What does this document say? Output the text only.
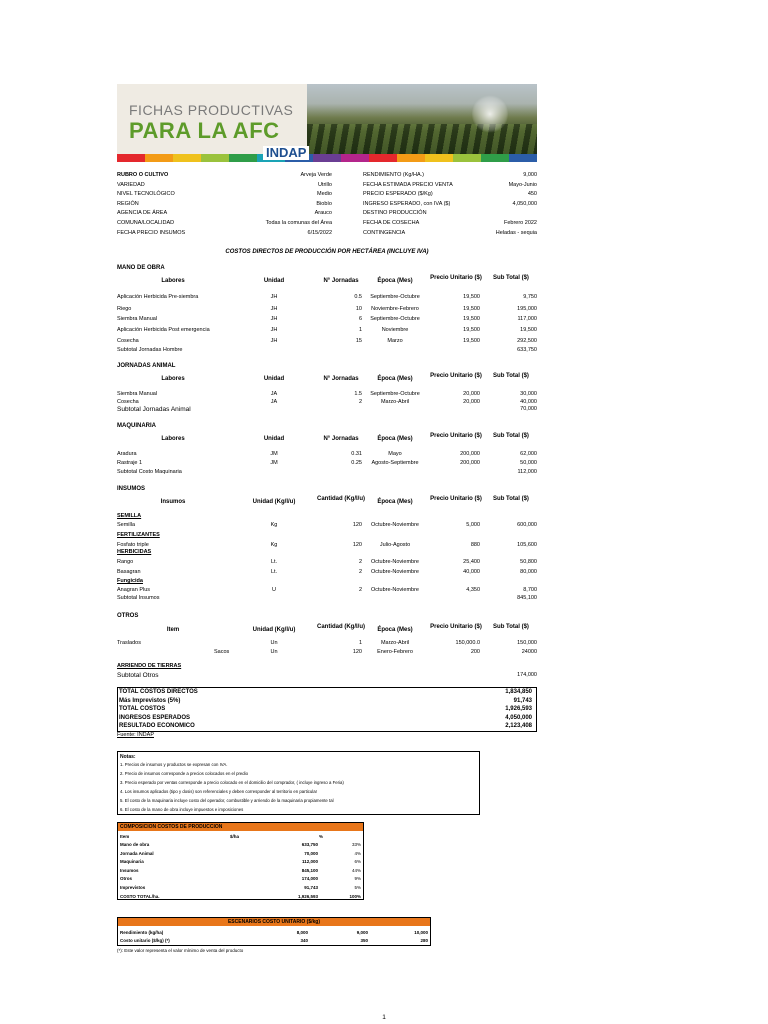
FICHAS PRODUCTIVAS
PARA LA AFC
INDAP
COSTOS DIRECTOS DE PRODUCCIÓN POR HECTÁREA (INCLUYE IVA)
TOTAL COSTOS DIRECTOS	1,834,850
Más Imprevistos (5%)	91,743
TOTAL COSTOS	1,926,593
INGRESOS ESPERADOS	4,050,000
RESULTADO ECONOMICO	2,123,408
Fuente: INDAP
Notas:
1. Precios de insumos y productos se expresan con IVA.
2. Precio de insumos corresponde a precios colocados en el predio
3. Precio esperado por ventas corresponde a precio colocado en el domicilio del comprador, ( incluye ingreso a Feria)
4. Los insumos aplicados (tipo y dosis) son referenciales y deben corresponder al territorio en particular
5. El costo de la maquinaria incluye costo del operador, combustible y arriendo de la maquinaria propiamente tal
6. El costo de la mano de obra incluye impuestos e imposiciones
COMPOSICION COSTOS DE PRODUCCION
Item	$/ha	%
Mano de obra	633,750	33%
Jornada Animal	70,000	4%
Maquinaria	112,000	6%
Insumos	845,100	44%
Otros	174,000	9%
Imprevistos	91,743	5%
COSTO TOTAL/ha.	1,926,593	100%
ESCENARIOS COSTO UNITARIO ($/kg)
Rendimiento (kg/ha)	8,000	9,000	10,000
Costo unitario ($/kg) (*)	340	350	280
(*): Este valor representa el valor mínimo de venta del producto
1
RUBRO O CULTIVO	Arveja Verde
VARIEDAD	Utrillo
NIVEL TECNOLÓGICO	Medio
REGIÓN	Biobío
AGENCIA DE ÁREA	Arauco
COMUNA/LOCALIDAD	Todas la comunas del Área
FECHA PRECIO INSUMOS	6/15/2022
RENDIMIENTO (Kg/HA.)	9,000
FECHA ESTIMADA PRECIO VENTA	Mayo-Junio
PRECIO ESPERADO ($/Kg)	450
INGRESO ESPERADO, con IVA ($)	4,050,000
DESTINO PRODUCCIÓN
FECHA DE COSECHA	Febrero 2022
CONTINGENCIA	Heladas - sequia
MANO DE OBRA
Labores	Unidad	N° Jornadas	Época (Mes)	Precio Unitario ($)	Sub Total ($)
Aplicación Herbicida Pre-siembra	JH	0.5	Septiembre-Octubre	19,500	9,750
Riego	JH	10	Noviembre-Febrero	19,500	195,000
Siembra Manual	JH	6	Septiembre-Octubre	19,500	117,000
Aplicación Herbicida Post emergencia	JH	1	Noviembre	19,500	19,500
Cosecha	JH	15	Marzo	19,500	292,500
Subtotal Jornadas Hombre	633,750
JORNADAS ANIMAL
Labores	Unidad	N° Jornadas	Época (Mes)	Precio Unitario ($)	Sub Total ($)
Siembra Manual	JA	1.5	Septiembre-Octubre	20,000	30,000
Cosecha	JA	2	Marzo-Abril	20,000	40,000
Subtotal Jornadas Animal	70,000
MAQUINARIA
Labores	Unidad	N° Jornadas	Época (Mes)	Precio Unitario ($)	Sub Total ($)
Aradura	JM	0.31	Mayo	200,000	62,000
Rastraje 1	JM	0.25	Agosto-Septiembre	200,000	50,000
Subtotal Costo Maquinaria	112,000
INSUMOS
Insumos	Unidad (Kg/l/u)	Cantidad (Kg/l/u)	Época (Mes)	Precio Unitario ($)	Sub Total ($)
SEMILLA
Semilla	Kg	120	Octubre-Noviembre	5,000	600,000
FERTILIZANTES
Fosfato triple	Kg	120	Julio-Agosto	880	105,600
HERBICIDAS
Rango	Lt.	2	Octubre-Noviembre	25,400	50,800
Basagran	Lt.	2	Octubre-Noviembre	40,000	80,000
Fungicida
Anagran Plus	U	2	Octubre-Noviembre	4,350	8,700
Subtotal Insumos	845,100
OTROS
Item	Unidad (Kg/l/u)	Cantidad (Kg/l/u)	Época (Mes)	Precio Unitario ($)	Sub Total ($)
Traslados	Un	1	Marzo-Abril	150,000.0	150,000
Sacos	Un	120	Enero-Febrero	200	24000
ARRIENDO DE TIERRAS
Subtotal Otros	174,000
